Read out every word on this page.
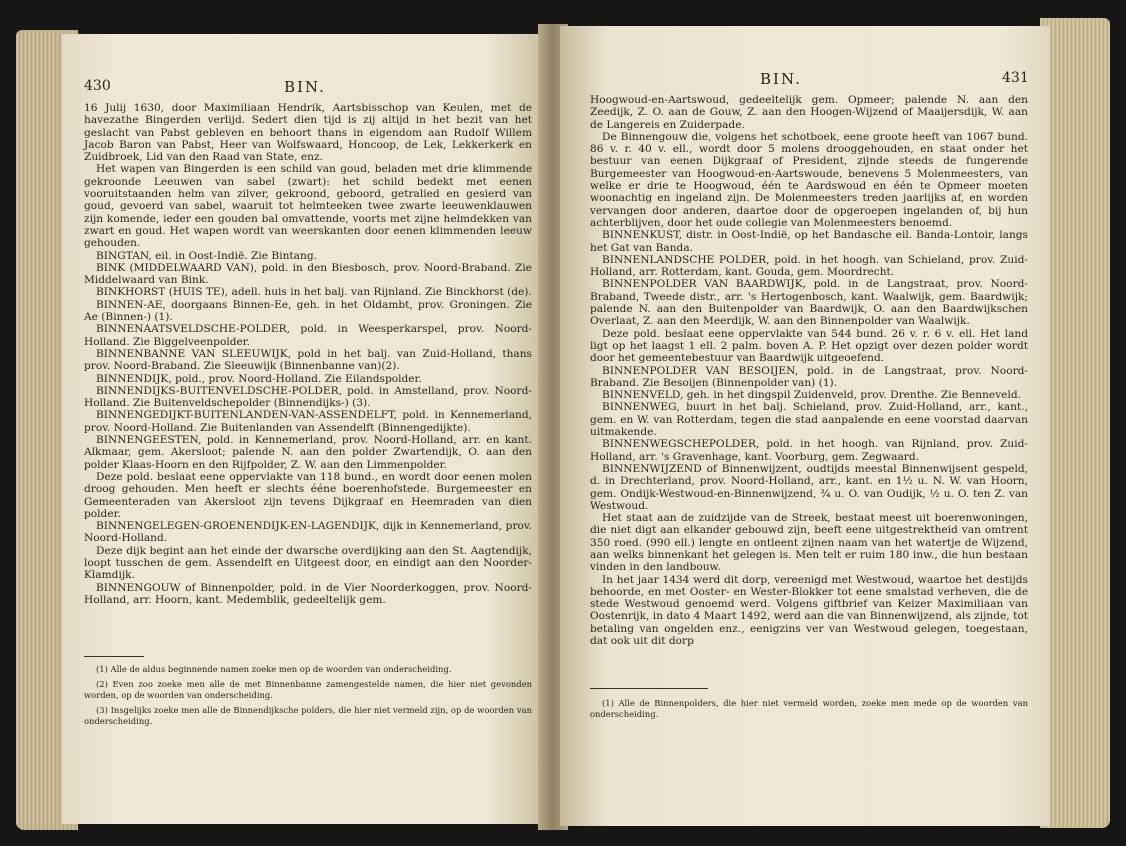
430	BIN.

16 Julij 1630, door Maximiliaan Hendrik, Aartsbisschop van Keulen, met de havezathe Bingerden verlijd. Sedert dien tijd is zij altijd in het bezit van het geslacht van Pabst gebleven en behoort thans in eigendom aan Rudolf Willem Jacob Baron van Pabst, Heer van Wolfswaard, Honcoop, de Lek, Lekkerkerk en Zuidbroek, Lid van den Raad van State, enz.

Het wapen van Bingerden is een schild van goud, beladen met drie klimmende gekroonde Leeuwen van sabel (zwart): het schild bedekt met eenen vooruitstaanden helm van zilver, gekroond, geboord, getralied en gesierd van goud, gevoerd van sabel, waaruit tot helmteeken twee zwarte leeuwenklauwen zijn komende, ieder een gouden bal omvattende, voorts met zijne helmdekken van zwart en goud. Het wapen wordt van weerskanten door eenen klimmenden leeuw gehouden.

BINGTAN, eil. in Oost-Indië. Zie Bintang.

BINK (MIDDELWAARD VAN), pold. in den Biesbosch, prov. Noord-Braband. Zie Middelwaard van Bink.

BINKHORST (HUIS TE), adell. huis in het balj. van Rijnland. Zie Binckhorst (de).

BINNEN-AE, doorgaans Binnen-Ee, geh. in het Oldambt, prov. Groningen. Zie Ae (Binnen-) (1).

BINNENAATSVELDSCHE-POLDER, pold. in Weesperkarspel, prov. Noord-Holland. Zie Biggelveenpolder.

BINNENBANNE VAN SLEEUWIJK, pold in het balj. van Zuid-Holland, thans prov. Noord-Braband. Zie Sleeuwijk (Binnenbanne van)(2).

BINNENDIJK, pold., prov. Noord-Holland. Zie Eilandspolder.

BINNENDIJKS-BUITENVELDSCHE-POLDER, pold. in Amstelland, prov. Noord-Holland. Zie Buitenveldschepolder (Binnendijks-) (3).

BINNENGEDIJKT-BUITENLANDEN-VAN-ASSENDELFT, pold. in Kennemerland, prov. Noord-Holland. Zie Buitenlanden van Assendelft (Binnengedijkte).

BINNENGEESTEN, pold. in Kennemerland, prov. Noord-Holland, arr. en kant. Alkmaar, gem. Akersloot; palende N. aan den polder Zwartendijk, O. aan den polder Klaas-Hoorn en den Rijfpolder, Z. W. aan den Limmenpolder.

Deze pold. beslaat eene oppervlakte van 118 bund., en wordt door eenen molen droog gehouden. Men heeft er slechts ééne boerenhofstede. Burgemeester en Gemeenteraden van Akersloot zijn tevens Dijkgraaf en Heemraden van dien polder.

BINNENGELEGEN-GROENENDIJK-EN-LAGENDIJK, dijk in Kennemerland, prov. Noord-Holland.

Deze dijk begint aan het einde der dwarsche overdijking aan den St. Aagtendijk, loopt tusschen de gem. Assendelft en Uitgeest door, en eindigt aan den Noorder-Klamdijk.

BINNENGOUW of Binnenpolder, pold. in de Vier Noorderkoggen, prov. Noord-Holland, arr. Hoorn, kant. Medemblik, gedeeltelijk gem.

(1) Alle de aldus beginnende namen zoeke men op de woorden van onderscheiding.

(2) Even zoo zoeke men alle de met Binnenbanne zamengestelde namen, die hier niet gevonden worden, op de woorden van onderscheiding.

(3) Insgelijks zoeke men alle de Binnendijksche polders, die hier niet vermeld zijn, op de woorden van onderscheiding.

BIN.	431

Hoogwoud-en-Aartswoud, gedeeltelijk gem. Opmeer; palende N. aan den Zeedijk, Z. O. aan de Gouw, Z. aan den Hoogen-Wijzend of Maaijersdijk, W. aan de Langereis en Zuiderpade.

De Binnengouw die, volgens het schotboek, eene groote heeft van 1067 bund. 86 v. r. 40 v. ell., wordt door 5 molens drooggehouden, en staat onder het bestuur van eenen Dijkgraaf of President, zijnde steeds de fungerende Burgemeester van Hoogwoud-en-Aartswoude, benevens 5 Molenmeesters, van welke er drie te Hoogwoud, één te Aardswoud en één te Opmeer moeten woonachtig en ingeland zijn. De Molenmeesters treden jaarlijks af, en worden vervangen door anderen, daartoe door de opgeroepen ingelanden of, bij hun achterblijven, door het oude collegie van Molenmeesters benoemd.

BINNENKUST, distr. in Oost-Indië, op het Bandasche eil. Banda-Lontoir, langs het Gat van Banda.

BINNENLANDSCHE POLDER, pold. in het hoogh. van Schieland, prov. Zuid-Holland, arr. Rotterdam, kant. Gouda, gem. Moordrecht.

BINNENPOLDER VAN BAARDWIJK, pold. in de Langstraat, prov. Noord-Braband, Tweede distr., arr. 's Hertogenbosch, kant. Waalwijk, gem. Baardwijk; palende N. aan den Buitenpolder van Baardwijk, O. aan den Baardwijkschen Overlaat, Z. aan den Meerdijk, W. aan den Binnenpolder van Waalwijk.

Deze pold. beslaat eene oppervlakte van 544 bund. 26 v. r. 6 v. ell. Het land ligt op het laagst 1 ell. 2 palm. boven A. P. Het opzigt over dezen polder wordt door het gemeentebestuur van Baardwijk uitgeoefend.

BINNENPOLDER VAN BESOIJEN, pold. in de Langstraat, prov. Noord-Braband. Zie Besoijen (Binnenpolder van) (1).

BINNENVELD, geh. in het dingspil Zuidenveld, prov. Drenthe. Zie Benneveld.

BINNENWEG, buurt in het balj. Schieland, prov. Zuid-Holland, arr., kant., gem. en W. van Rotterdam, tegen die stad aanpalende en eene voorstad daarvan uitmakende.

BINNENWEGSCHEPOLDER, pold. in het hoogh. van Rijnland, prov. Zuid-Holland, arr. 's Gravenhage, kant. Voorburg, gem. Zegwaard.

BINNENWIJZEND of Binnenwijzent, oudtijds meestal Binnenwijsent gespeld, d. in Drechterland, prov. Noord-Holland, arr., kant. en 1½ u. N. W. van Hoorn, gem. Ondijk-Westwoud-en-Binnenwijzend, ¾ u. O. van Oudijk, ½ u. O. ten Z. van Westwoud.

Het staat aan de zuidzijde van de Streek, bestaat meest uit boerenwoningen, die niet digt aan elkander gebouwd zijn, beeft eene uitgestrektheid van omtrent 350 roed. (990 ell.) lengte en ontleent zijnen naam van het watertje de Wijzend, aan welks binnenkant het gelegen is. Men telt er ruim 180 inw., die hun bestaan vinden in den landbouw.

In het jaar 1434 werd dit dorp, vereenigd met Westwoud, waartoe het destijds behoorde, en met Ooster- en Wester-Blokker tot eene smalstad verheven, die de stede Westwoud genoemd werd. Volgens giftbrief van Keizer Maximiliaan van Oostenrijk, in dato 4 Maart 1492, werd aan die van Binnenwijzend, als zijnde, tot betaling van ongelden enz., eenigzins ver van Westwoud gelegen, toegestaan, dat ook uit dit dorp

(1) Alle de Binnenpolders, die hier niet vermeld worden, zoeke men mede op de woorden van onderscheiding.
